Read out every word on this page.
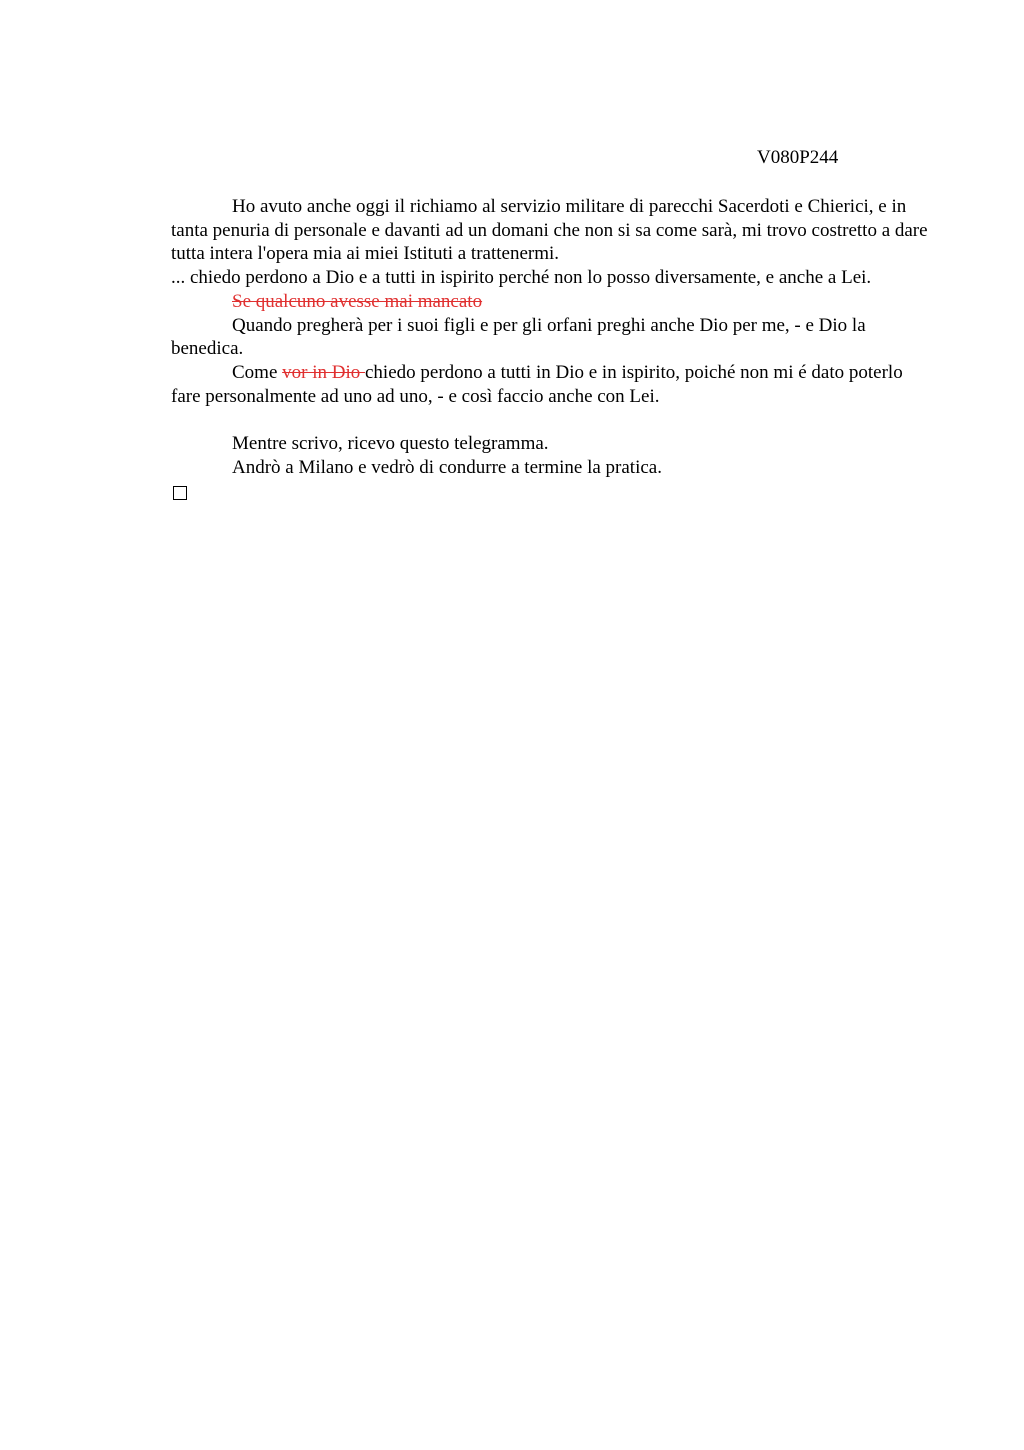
V080P244

Ho avuto anche oggi il richiamo al servizio militare di parecchi Sacerdoti e Chierici, e in tanta penuria di personale e davanti ad un domani che non si sa come sarà, mi trovo costretto a dare tutta intera l'opera mia ai miei Istituti a trattenermi.

... chiedo perdono a Dio e a tutti in ispirito perché non lo posso diversamente, e anche a Lei.

Se qualcuno avesse mai mancato

Quando pregherà per i suoi figli e per gli orfani preghi anche Dio per me, - e Dio la benedica.

Come vor in Dio chiedo perdono a tutti in Dio e in ispirito, poiché non mi é dato poterlo fare personalmente ad uno ad uno, - e così faccio anche con Lei.

Mentre scrivo, ricevo questo telegramma.

Andrò a Milano e vedrò di condurre a termine la pratica.
